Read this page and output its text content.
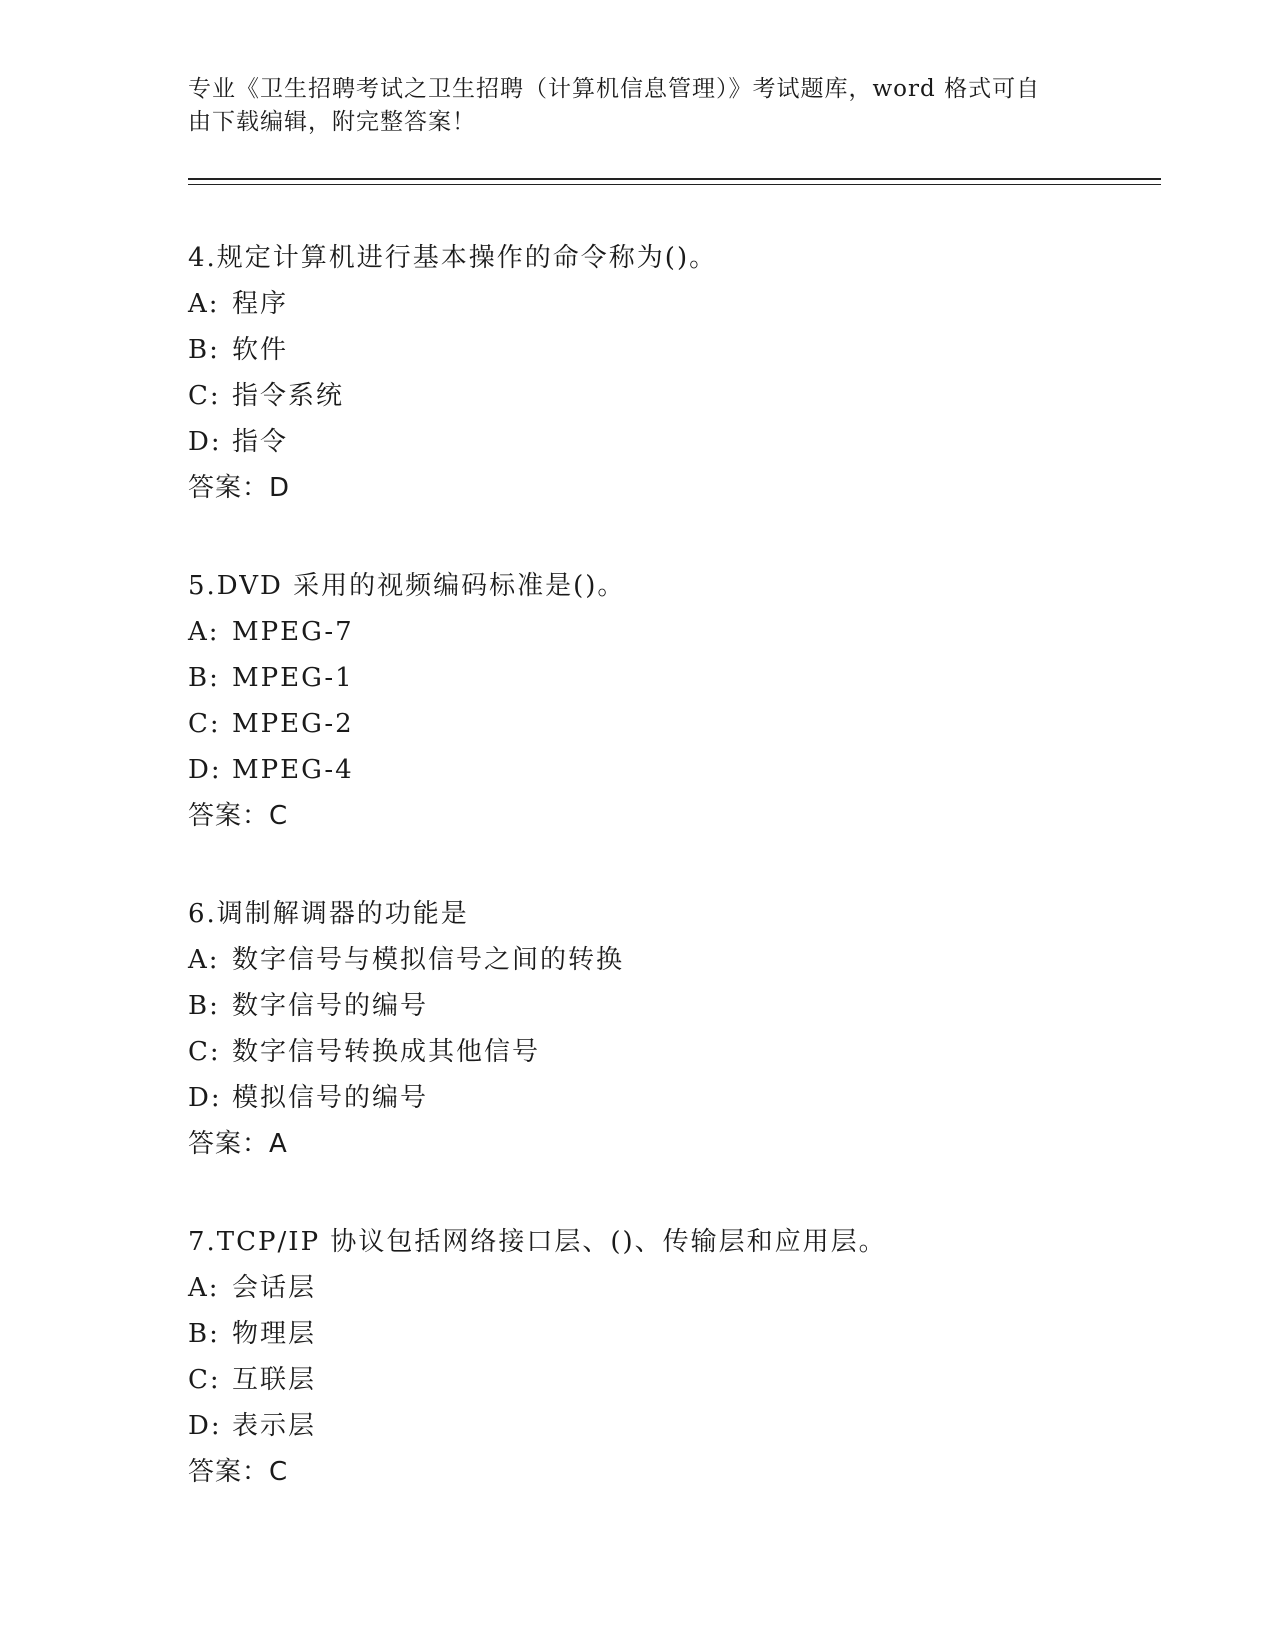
专业《卫生招聘考试之卫生招聘（计算机信息管理）》考试题库，word 格式可自
由下载编辑，附完整答案！
4.规定计算机进行基本操作的命令称为()。
A: 程序
B: 软件
C: 指令系统
D: 指令
答案：D
5.DVD 采用的视频编码标准是()。
A: MPEG-7
B: MPEG-1
C: MPEG-2
D: MPEG-4
答案：C
6.调制解调器的功能是
A: 数字信号与模拟信号之间的转换
B: 数字信号的编号
C: 数字信号转换成其他信号
D: 模拟信号的编号
答案：A
7.TCP/IP 协议包括网络接口层、()、传输层和应用层。
A: 会话层
B: 物理层
C: 互联层
D: 表示层
答案：C
